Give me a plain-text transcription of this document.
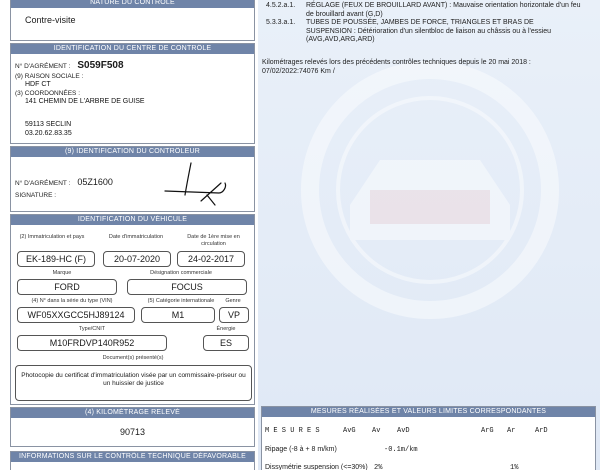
NATURE DU CONTRÔLE
Contre-visite
IDENTIFICATION DU CENTRE DE CONTRÔLE
N° D'AGRÉMENT : S059F508
(9) RAISON SOCIALE :
HDF CT
(3) COORDONNÉES :
141 CHEMIN DE L'ARBRE DE GUISE
59113 SECLIN
03.20.62.83.35
(9) IDENTIFICATION DU CONTRÔLEUR
N° D'AGRÉMENT : 05Z1600
SIGNATURE :
IDENTIFICATION DU VÉHICULE
(2) Immatriculation et pays	Date d'immatriculation	Date de 1ère mise en circulation
EK-189-HC (F)	20-07-2020	24-02-2017
Marque	Désignation commerciale
FORD	FOCUS
(4) N° dans la série du type (VIN)	(5) Catégorie internationale	Genre
WF05XXGCC5HJ89124	M1	VP
Type/CNIT	Énergie
M10FRDVP140R952	ES
Document(s) présenté(s)
Photocopie du certificat d'immatriculation visée par un commissaire-priseur ou un huissier de justice
(4) KILOMÉTRAGE RELEVÉ
90713
INFORMATIONS SUR LE CONTRÔLE TECHNIQUE DÉFAVORABLE
4.5.2.a.1. RÉGLAGE (FEUX DE BROUILLARD AVANT) : Mauvaise orientation horizontale d'un feu de brouillard avant (G,D)
5.3.3.a.1. TUBES DE POUSSÉE, JAMBES DE FORCE, TRIANGLES ET BRAS DE SUSPENSION : Détérioration d'un silentbloc de liaison au châssis ou à l'essieu (AVG,AVD,ARG,ARD)
Kilométrages relevés lors des précédents contrôles techniques depuis le 20 mai 2018 :
07/02/2022:74076 Km /
MESURES RÉALISÉES ET VALEURS LIMITES CORRESPONDANTES
M E S U R E S	AvG Av AvD	ArG Ar	ArD
Ripage (-8 à + 8 m/km)	-0.1m/km
Dissymétrie suspension (<=30%) 2%	1%
